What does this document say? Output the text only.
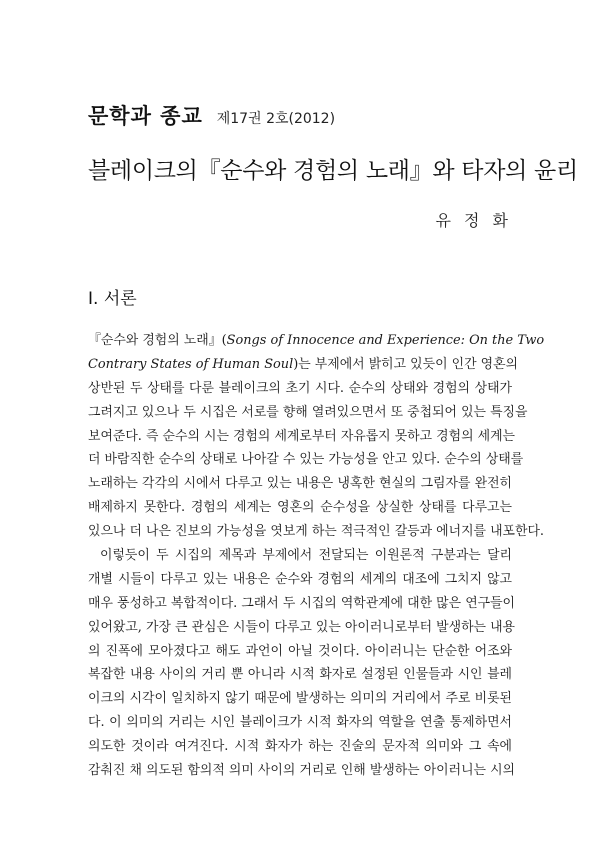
문학과 종교 제17권 2호(2012)
블레이크의『순수와 경험의 노래』와 타자의 윤리
유 정 화
I. 서론
『순수와 경험의 노래』(Songs of Innocence and Experience: On the Two
Contrary States of Human Soul)는 부제에서 밝히고 있듯이 인간 영혼의
상반된 두 상태를 다룬 블레이크의 초기 시다. 순수의 상태와 경험의 상태가
그려지고 있으나 두 시집은 서로를 향해 열려있으면서 또 중첩되어 있는 특징을
보여준다. 즉 순수의 시는 경험의 세계로부터 자유롭지 못하고 경험의 세계는
더 바람직한 순수의 상태로 나아갈 수 있는 가능성을 안고 있다. 순수의 상태를
노래하는 각각의 시에서 다루고 있는 내용은 냉혹한 현실의 그림자를 완전히
배제하지 못한다. 경험의 세계는 영혼의 순수성을 상실한 상태를 다루고는
있으나 더 나은 진보의 가능성을 엿보게 하는 적극적인 갈등과 에너지를 내포한다.
이렇듯이 두 시집의 제목과 부제에서 전달되는 이원론적 구분과는 달리
개별 시들이 다루고 있는 내용은 순수와 경험의 세계의 대조에 그치지 않고
매우 풍성하고 복합적이다. 그래서 두 시집의 역학관계에 대한 많은 연구들이
있어왔고, 가장 큰 관심은 시들이 다루고 있는 아이러니로부터 발생하는 내용
의 진폭에 모아졌다고 해도 과언이 아닐 것이다. 아이러니는 단순한 어조와
복잡한 내용 사이의 거리 뿐 아니라 시적 화자로 설정된 인물들과 시인 블레
이크의 시각이 일치하지 않기 때문에 발생하는 의미의 거리에서 주로 비롯된
다. 이 의미의 거리는 시인 블레이크가 시적 화자의 역할을 연출 통제하면서
의도한 것이라 여겨진다. 시적 화자가 하는 진술의 문자적 의미와 그 속에
감춰진 채 의도된 함의적 의미 사이의 거리로 인해 발생하는 아이러니는 시의
